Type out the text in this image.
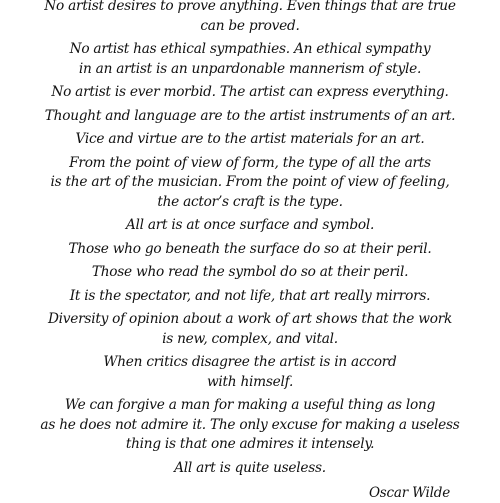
No artist desires to prove anything. Even things that are true
can be proved.

No artist has ethical sympathies. An ethical sympathy
in an artist is an unpardonable mannerism of style.

No artist is ever morbid. The artist can express everything.

Thought and language are to the artist instruments of an art.

Vice and virtue are to the artist materials for an art.

From the point of view of form, the type of all the arts
is the art of the musician. From the point of view of feeling,
the actor’s craft is the type.

All art is at once surface and symbol.

Those who go beneath the surface do so at their peril.

Those who read the symbol do so at their peril.

It is the spectator, and not life, that art really mirrors.

Diversity of opinion about a work of art shows that the work
is new, complex, and vital.

When critics disagree the artist is in accord
with himself.

We can forgive a man for making a useful thing as long
as he does not admire it. The only excuse for making a useless
thing is that one admires it intensely.

All art is quite useless.

Oscar Wilde
